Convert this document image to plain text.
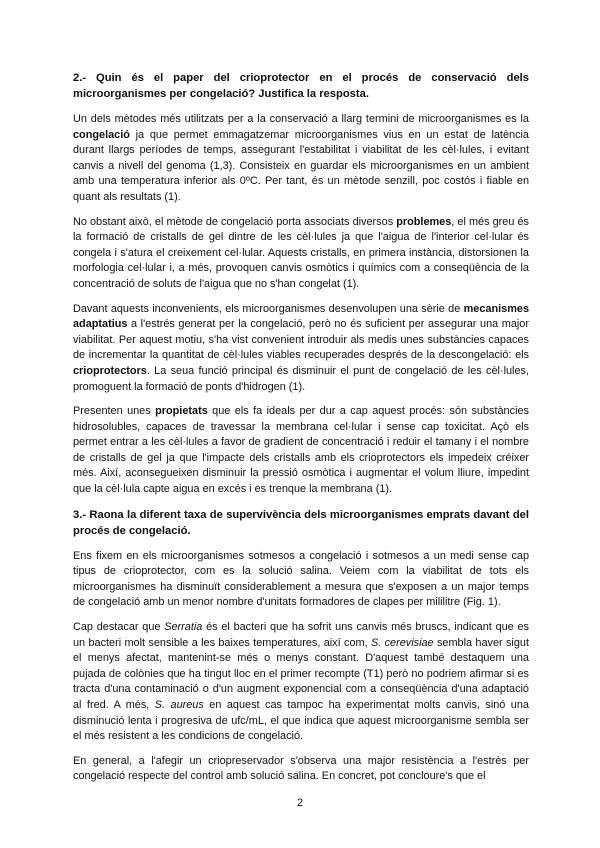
2.- Quin és el paper del crioprotector en el procés de conservació dels microorganismes per congelació? Justifica la resposta.

Un dels mètodes més utilitzats per a la conservació a llarg termini de microorganismes es la congelació ja que permet emmagatzemar microorganismes vius en un estat de latència durant llargs períodes de temps, assegurant l'estabilitat i viabilitat de les cèl·lules, i evitant canvis a nivell del genoma (1,3). Consisteix en guardar els microorganismes en un ambient amb una temperatura inferior als 0ºC. Per tant, és un mètode senzill, poc costós i fiable en quant als resultats (1).

No obstant això, el mètode de congelació porta associats diversos problemes, el més greu és la formació de cristalls de gel dintre de les cèl·lules ja que l'aigua de l'interior cel·lular és congela i s'atura el creixement cel·lular. Aquests cristalls, en primera instància, distorsionen la morfologia cel·lular i, a més, provoquen canvis osmòtics i químics com a conseqüència de la concentració de soluts de l'aigua que no s'han congelat (1).

Davant aquests inconvenients, els microorganismes desenvolupen una sèrie de mecanismes adaptatius a l'estrés generat per la congelació, però no és suficient per assegurar una major viabilitat. Per aquest motiu, s'ha vist convenient introduir als medis unes substàncies capaces de incrementar la quantitat de cèl·lules viables recuperades després de la descongelació: els crioprotectors. La seua funció principal és disminuir el punt de congelació de les cèl·lules, promoguent la formació de ponts d'hidrogen (1).

Presenten unes propietats que els fa ideals per dur a cap aquest procés: són substàncies hidrosolubles, capaces de travessar la membrana cel·lular i sense cap toxicitat. Açò els permet entrar a les cèl·lules a favor de gradient de concentració i reduir el tamany i el nombre de cristalls de gel ja que l'impacte dels cristalls amb els crioprotectors els impedeix créixer més. Així, aconsegueixen disminuir la pressió osmòtica i augmentar el volum lliure, impedint que la cèl·lula capte aigua en excés i es trenque la membrana (1).

3.- Raona la diferent taxa de supervivència dels microorganismes emprats davant del procés de congelació.

Ens fixem en els microorganismes sotmesos a congelació i sotmesos a un medi sense cap tipus de crioprotector, com es la solució salina. Veiem com la viabilitat de tots els microorganismes ha disminuït considerablement a mesura que s'exposen a un major temps de congelació amb un menor nombre d'unitats formadores de clapes per mililitre (Fig. 1).

Cap destacar que Serratia és el bacteri que ha sofrit uns canvis més bruscs, indicant que es un bacteri molt sensible a les baixes temperatures, així com, S. cerevisiae sembla haver sigut el menys afectat, mantenint-se més o menys constant. D'aquest també destaquem una pujada de colònies que ha tingut lloc en el primer recompte (T1) però no podriem afirmar si es tracta d'una contaminació o d'un augment exponencial com a conseqüència d'una adaptació al fred. A més, S. aureus en aquest cas tampoc ha experimentat molts canvis, sinó una disminució lenta i progresiva de ufc/mL, el que indica que aquest microorganisme sembla ser el més resistent a les condicions de congelació.

En general, a l'afegir un criopreservador s'observa una major resistència a l'estrès per congelació respecte del control amb solució salina. En concret, pot concloure's que el

2
